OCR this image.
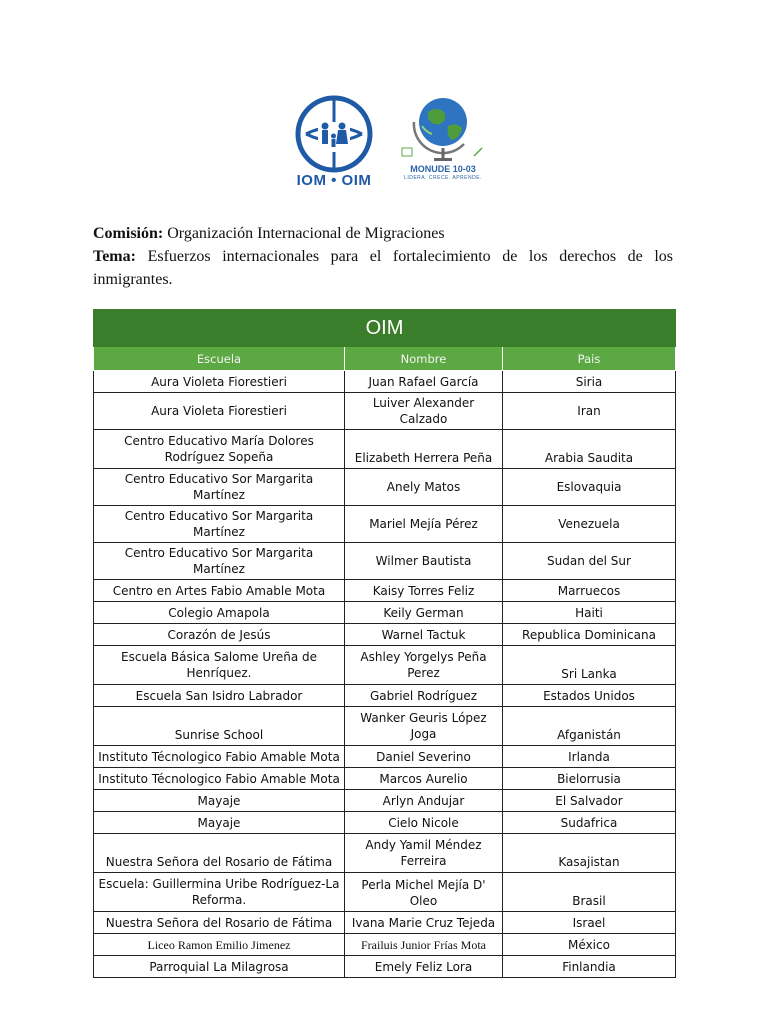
IOM • OIM
MONUDE 10-03
LIDERA. CRECE. APRENDE.
Comisión: Organización Internacional de Migraciones
Tema: Esfuerzos internacionales para el fortalecimiento de los derechos de los inmigrantes.
OIM		
Escuela	Nombre	Pais
Aura Violeta Fiorestieri	Juan Rafael García	Siria
Aura Violeta Fiorestieri	Luiver Alexander Calzado	Iran
Centro Educativo María Dolores Rodríguez Sopeña	Elizabeth Herrera Peña	Arabia Saudita
Centro Educativo Sor Margarita Martínez	Anely Matos	Eslovaquia
Centro Educativo Sor Margarita Martínez	Mariel Mejía Pérez	Venezuela
Centro Educativo Sor Margarita Martínez	Wilmer Bautista	Sudan del Sur
Centro en Artes Fabio Amable Mota	Kaisy Torres Feliz	Marruecos
Colegio Amapola	Keily German	Haiti
Corazón de Jesús	Warnel Tactuk	Republica Dominicana
Escuela Básica Salome Ureña de Henríquez.	Ashley Yorgelys Peña Perez	Sri Lanka
Escuela San Isidro Labrador	Gabriel Rodríguez	Estados Unidos
Sunrise School	Wanker Geuris López Joga	Afganistán
Instituto Técnologico Fabio Amable Mota	Daniel Severino	Irlanda
Instituto Técnologico Fabio Amable Mota	Marcos Aurelio	Bielorrusia
Mayaje	Arlyn Andujar	El Salvador
Mayaje	Cielo Nicole	Sudafrica
Nuestra Señora del Rosario de Fátima	Andy Yamil Méndez Ferreira	Kasajistan
Escuela: Guillermina Uribe Rodríguez-La Reforma.	Perla Michel Mejía D' Oleo	Brasil
Nuestra Señora del Rosario de Fátima	Ivana Marie Cruz Tejeda	Israel
Liceo Ramon Emilio Jimenez	Frailuis Junior Frías Mota	México
Parroquial La Milagrosa	Emely Feliz Lora	Finlandia
